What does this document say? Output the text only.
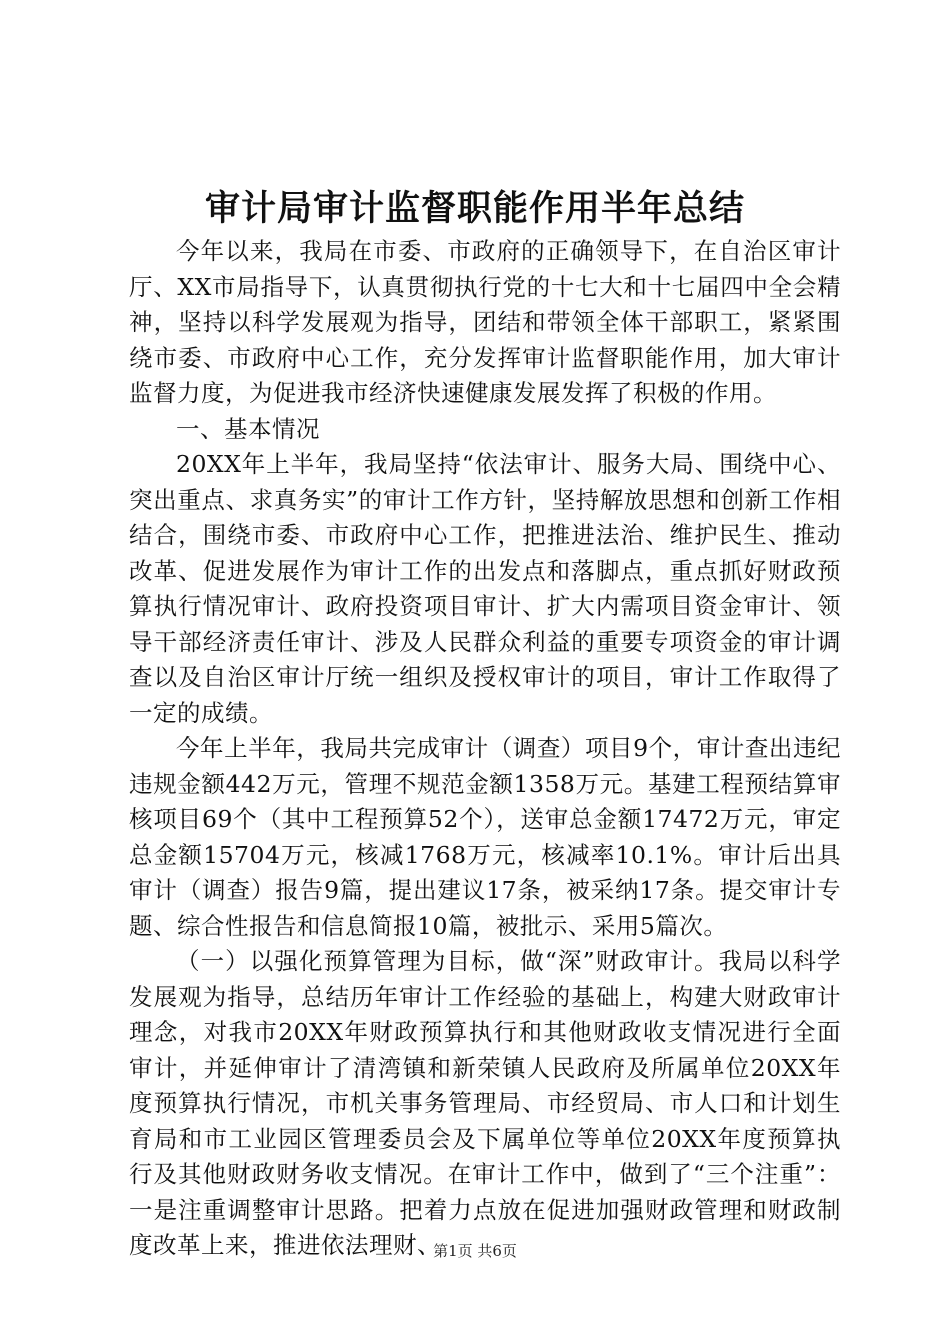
审计局审计监督职能作用半年总结

今年以来，我局在市委、市政府的正确领导下，在自治区审计厅、XX市局指导下，认真贯彻执行党的十七大和十七届四中全会精神，坚持以科学发展观为指导，团结和带领全体干部职工，紧紧围绕市委、市政府中心工作，充分发挥审计监督职能作用，加大审计监督力度，为促进我市经济快速健康发展发挥了积极的作用。

一、基本情况

20XX年上半年，我局坚持“依法审计、服务大局、围绕中心、突出重点、求真务实”的审计工作方针，坚持解放思想和创新工作相结合，围绕市委、市政府中心工作，把推进法治、维护民生、推动改革、促进发展作为审计工作的出发点和落脚点，重点抓好财政预算执行情况审计、政府投资项目审计、扩大内需项目资金审计、领导干部经济责任审计、涉及人民群众利益的重要专项资金的审计调查以及自治区审计厅统一组织及授权审计的项目，审计工作取得了一定的成绩。

今年上半年，我局共完成审计（调查）项目9个，审计查出违纪违规金额442万元，管理不规范金额1358万元。基建工程预结算审核项目69个（其中工程预算52个），送审总金额17472万元，审定总金额15704万元，核减1768万元，核减率10.1%。审计后出具审计（调查）报告9篇，提出建议17条，被采纳17条。提交审计专题、综合性报告和信息简报10篇，被批示、采用5篇次。

（一）以强化预算管理为目标，做“深”财政审计。我局以科学发展观为指导，总结历年审计工作经验的基础上，构建大财政审计理念，对我市20XX年财政预算执行和其他财政收支情况进行全面审计，并延伸审计了清湾镇和新荣镇人民政府及所属单位20XX年度预算执行情况，市机关事务管理局、市经贸局、市人口和计划生育局和市工业园区管理委员会及下属单位等单位20XX年度预算执行及其他财政财务收支情况。在审计工作中，做到了“三个注重”：一是注重调整审计思路。把着力点放在促进加强财政管理和财政制度改革上来，推进依法理财、

第1页 共6页
